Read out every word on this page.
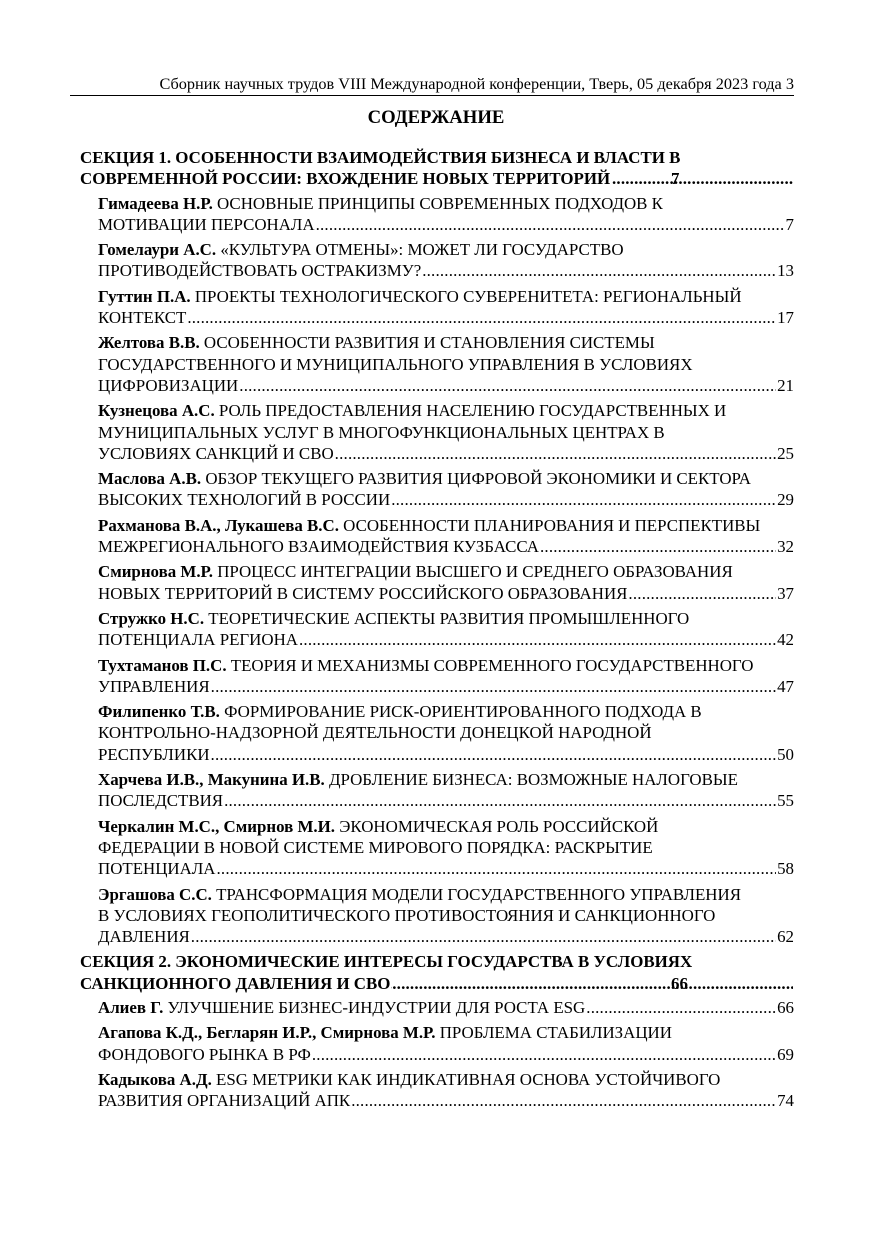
Сборник научных трудов VIII Международной конференции, Тверь, 05 декабря 2023 года 3
СОДЕРЖАНИЕ
СЕКЦИЯ 1. ОСОБЕННОСТИ ВЗАИМОДЕЙСТВИЯ БИЗНЕСА И ВЛАСТИ В
СОВРЕМЕННОЙ РОССИИ: ВХОЖДЕНИЕ НОВЫХ ТЕРРИТОРИЙ .....	7
Гимадеева Н.Р. ОСНОВНЫЕ ПРИНЦИПЫ СОВРЕМЕННЫХ ПОДХОДОВ К
МОТИВАЦИИ ПЕРСОНАЛА .....	7
Гомелаури А.С. «КУЛЬТУРА ОТМЕНЫ»: МОЖЕТ ЛИ ГОСУДАРСТВО
ПРОТИВОДЕЙСТВОВАТЬ ОСТРАКИЗМУ? .....	13
Гуттин П.А. ПРОЕКТЫ ТЕХНОЛОГИЧЕСКОГО СУВЕРЕНИТЕТА: РЕГИОНАЛЬНЫЙ
КОНТЕКСТ .....	17
Желтова В.В. ОСОБЕННОСТИ РАЗВИТИЯ И СТАНОВЛЕНИЯ СИСТЕМЫ
ГОСУДАРСТВЕННОГО И МУНИЦИПАЛЬНОГО УПРАВЛЕНИЯ В УСЛОВИЯХ
ЦИФРОВИЗАЦИИ .....	21
Кузнецова А.С. РОЛЬ ПРЕДОСТАВЛЕНИЯ НАСЕЛЕНИЮ ГОСУДАРСТВЕННЫХ И
МУНИЦИПАЛЬНЫХ УСЛУГ В МНОГОФУНКЦИОНАЛЬНЫХ ЦЕНТРАХ В
УСЛОВИЯХ САНКЦИЙ И СВО .....	25
Маслова А.В. ОБЗОР ТЕКУЩЕГО РАЗВИТИЯ ЦИФРОВОЙ ЭКОНОМИКИ И СЕКТОРА
ВЫСОКИХ ТЕХНОЛОГИЙ В РОССИИ .....	29
Рахманова В.А., Лукашева В.С. ОСОБЕННОСТИ ПЛАНИРОВАНИЯ И ПЕРСПЕКТИВЫ
МЕЖРЕГИОНАЛЬНОГО ВЗАИМОДЕЙСТВИЯ КУЗБАССА .....	32
Смирнова М.Р. ПРОЦЕСС ИНТЕГРАЦИИ ВЫСШЕГО И СРЕДНЕГО ОБРАЗОВАНИЯ
НОВЫХ ТЕРРИТОРИЙ В СИСТЕМУ РОССИЙСКОГО ОБРАЗОВАНИЯ .....	37
Стружко Н.С. ТЕОРЕТИЧЕСКИЕ АСПЕКТЫ РАЗВИТИЯ ПРОМЫШЛЕННОГО
ПОТЕНЦИАЛА РЕГИОНА .....	42
Тухтаманов П.С. ТЕОРИЯ И МЕХАНИЗМЫ СОВРЕМЕННОГО ГОСУДАРСТВЕННОГО
УПРАВЛЕНИЯ .....	47
Филипенко Т.В. ФОРМИРОВАНИЕ РИСК-ОРИЕНТИРОВАННОГО ПОДХОДА В
КОНТРОЛЬНО-НАДЗОРНОЙ ДЕЯТЕЛЬНОСТИ ДОНЕЦКОЙ НАРОДНОЙ
РЕСПУБЛИКИ .....	50
Харчева И.В., Макунина И.В. ДРОБЛЕНИЕ БИЗНЕСА: ВОЗМОЖНЫЕ НАЛОГОВЫЕ
ПОСЛЕДСТВИЯ .....	55
Черкалин М.С., Смирнов М.И. ЭКОНОМИЧЕСКАЯ РОЛЬ РОССИЙСКОЙ
ФЕДЕРАЦИИ В НОВОЙ СИСТЕМЕ МИРОВОГО ПОРЯДКА: РАСКРЫТИЕ
ПОТЕНЦИАЛА .....	58
Эргашова С.С. ТРАНСФОРМАЦИЯ МОДЕЛИ ГОСУДАРСТВЕННОГО УПРАВЛЕНИЯ
В УСЛОВИЯХ ГЕОПОЛИТИЧЕСКОГО ПРОТИВОСТОЯНИЯ И САНКЦИОННОГО
ДАВЛЕНИЯ .....	62
СЕКЦИЯ 2. ЭКОНОМИЧЕСКИЕ ИНТЕРЕСЫ ГОСУДАРСТВА В УСЛОВИЯХ
САНКЦИОННОГО ДАВЛЕНИЯ И СВО .....	66
Алиев Г. УЛУЧШЕНИЕ БИЗНЕС-ИНДУСТРИИ ДЛЯ РОСТА ESG .....	66
Агапова К.Д., Бегларян И.Р., Смирнова М.Р. ПРОБЛЕМА СТАБИЛИЗАЦИИ
ФОНДОВОГО РЫНКА В РФ .....	69
Кадыкова А.Д. ESG МЕТРИКИ КАК ИНДИКАТИВНАЯ ОСНОВА УСТОЙЧИВОГО
РАЗВИТИЯ ОРГАНИЗАЦИЙ АПК .....	74
